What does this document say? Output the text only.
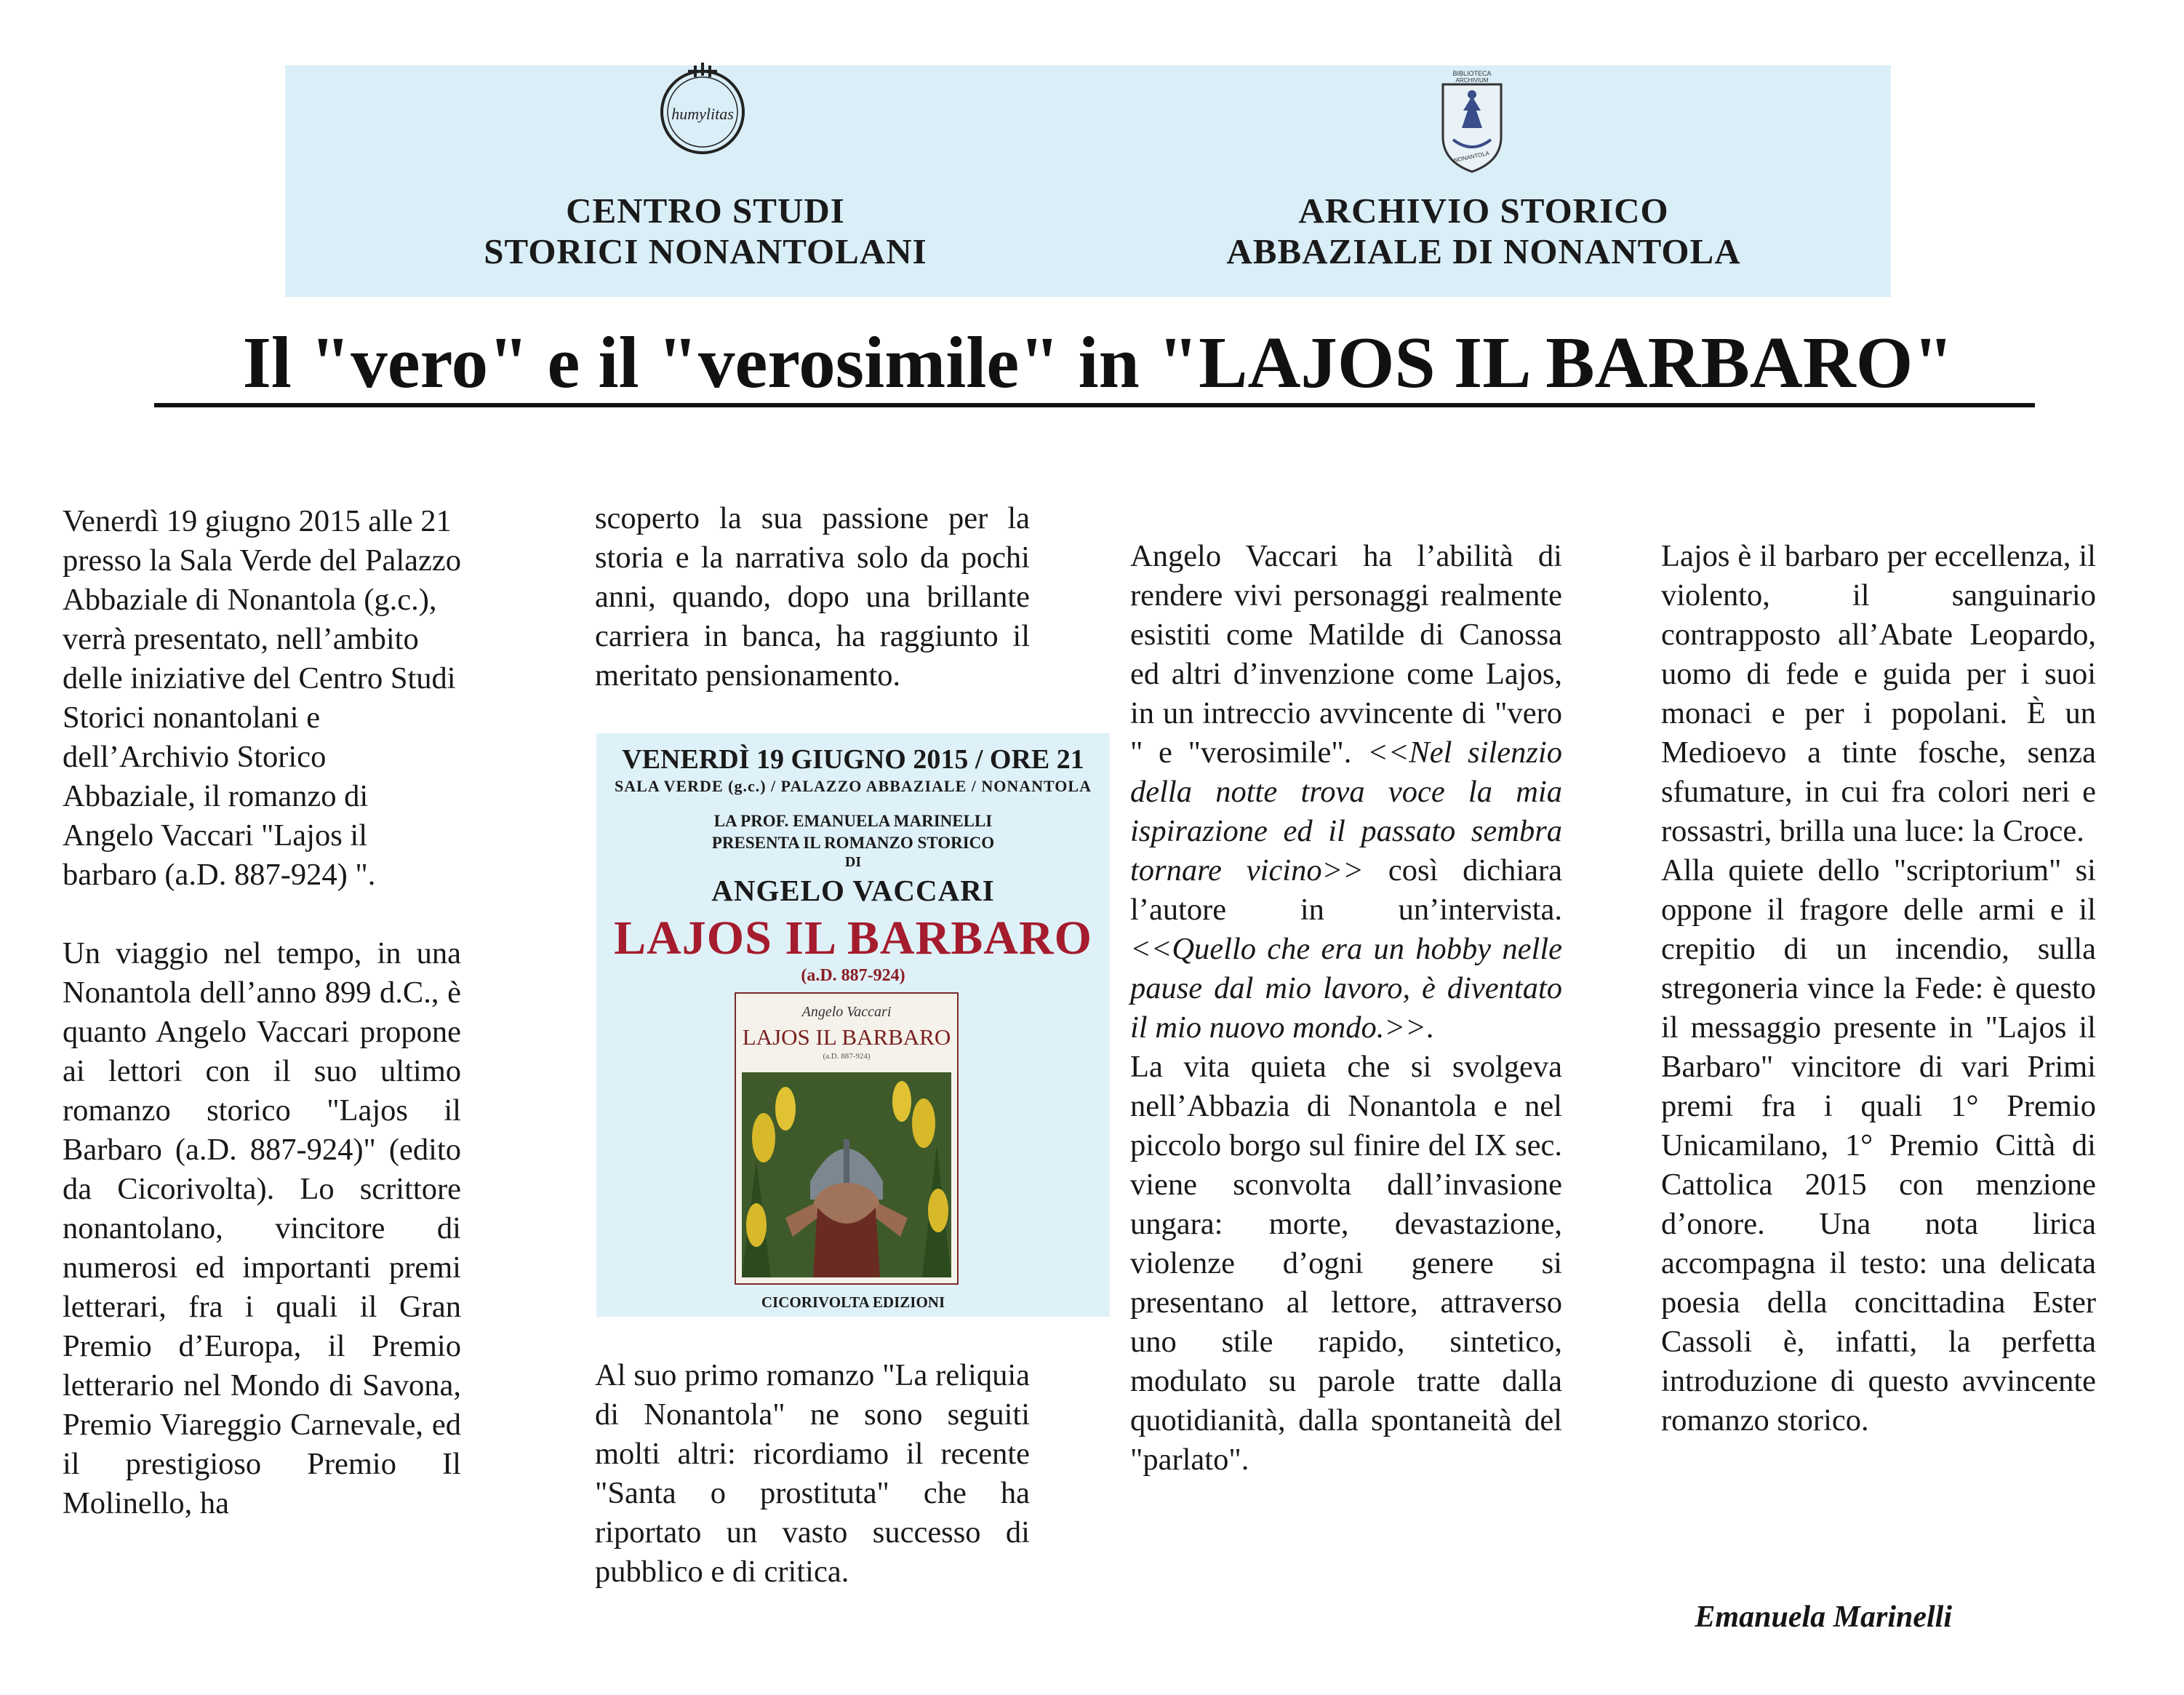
humylitas
BIBLIOTECA
ARCHIVIUM
NONANTOLA
CENTRO STUDI
STORICI NONANTOLANI
ARCHIVIO STORICO
ABBAZIALE DI NONANTOLA
Il "vero" e il "verosimile" in "LAJOS IL BARBARO"

Venerdì 19 giugno 2015 alle 21 presso la Sala Verde del Palazzo Abbaziale di Nonantola (g.c.), verrà presentato, nell’ambito delle iniziative del Centro Studi Storici nonantolani e dell’Archivio Storico Abbaziale, il romanzo di Angelo Vaccari "Lajos il barbaro (a.D. 887-924) ".

Un viaggio nel tempo, in una Nonantola dell’anno 899 d.C., è quanto Angelo Vaccari propone ai lettori con il suo ultimo romanzo storico "Lajos il Barbaro (a.D. 887-924)" (edito da Cicorivolta). Lo scrittore nonantolano, vincitore di numerosi ed importanti premi letterari, fra i quali il Gran Premio d’Europa, il Premio letterario nel Mondo di Savona, Premio Viareggio Carnevale, ed il prestigioso Premio Il Molinello, ha

scoperto la sua passione per la storia e la narrativa solo da pochi anni, quando, dopo una brillante carriera in banca, ha raggiunto il meritato pensionamento.

VENERDÌ 19 GIUGNO 2015 / ORE 21
SALA VERDE (g.c.) / PALAZZO ABBAZIALE / NONANTOLA
LA PROF. EMANUELA MARINELLI
PRESENTA IL ROMANZO STORICO
DI
ANGELO VACCARI
LAJOS IL BARBARO
(a.D. 887-924)
Angelo Vaccari
LAJOS IL BARBARO
(a.D. 887-924)
CICORIVOLTA EDIZIONI

Al suo primo romanzo "La reliquia di Nonantola" ne sono seguiti molti altri: ricordiamo il recente "Santa o prostituta" che ha riportato un vasto successo di pubblico e di critica.

Angelo Vaccari ha l’abilità di rendere vivi personaggi realmente esistiti come Matilde di Canossa ed altri d’invenzione come Lajos, in un intreccio avvincente di "vero " e "verosimile". <<Nel silenzio della notte trova voce la mia ispirazione ed il passato sembra tornare vicino>> così dichiara l’autore in un’intervista. <<Quello che era un hobby nelle pause dal mio lavoro, è diventato il mio nuovo mondo.>>.

La vita quieta che si svolgeva nell’Abbazia di Nonantola e nel piccolo borgo sul finire del IX sec. viene sconvolta dall’invasione ungara: morte, devastazione, violenze d’ogni genere si presentano al lettore, attraverso uno stile rapido, sintetico, modulato su parole tratte dalla quotidianità, dalla spontaneità del "parlato".

Lajos è il barbaro per eccellenza, il violento, il sanguinario contrapposto all’Abate Leopardo, uomo di fede e guida per i suoi monaci e per i popolani. È un Medioevo a tinte fosche, senza sfumature, in cui fra colori neri e rossastri, brilla una luce: la Croce.

Alla quiete dello "scriptorium" si oppone il fragore delle armi e il crepitio di un incendio, sulla stregoneria vince la Fede: è questo il messaggio presente in "Lajos il Barbaro" vincitore di vari Primi premi fra i quali 1° Premio Unicamilano, 1° Premio Città di Cattolica 2015 con menzione d’onore. Una nota lirica accompagna il testo: una delicata poesia della concittadina Ester Cassoli è, infatti, la perfetta introduzione di questo avvincente romanzo storico.

Emanuela Marinelli
